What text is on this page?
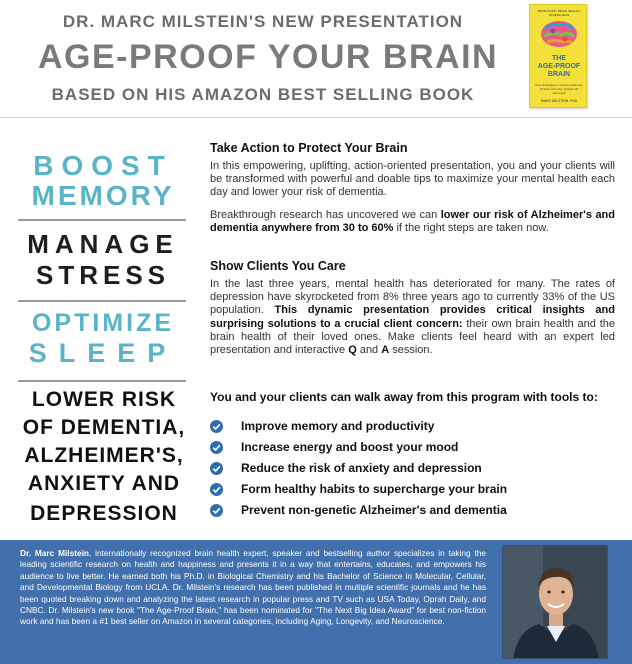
DR. MARC MILSTEIN'S NEW PRESENTATION
AGE-PROOF YOUR BRAIN
BASED ON HIS AMAZON BEST SELLING BOOK
BRAIN FOOD, BRAIN HEALTH, STRESS LESS
THE
AGE-PROOF
BRAIN
New Strategies to Improve Memory, Protect Immunity, & Fight Off Dementia
MARC MILSTEIN, PhD
BOOST
MEMORY
MANAGE
STRESS
OPTIMIZE
SLEEP
LOWER RISK
OF DEMENTIA,
ALZHEIMER'S,
ANXIETY AND
DEPRESSION
Take Action to Protect Your Brain
In this empowering, uplifting, action-oriented presentation, you and your clients will be transformed with powerful and doable tips to maximize your mental health each day and lower your risk of dementia.
Breakthrough research has uncovered we can lower our risk of Alzheimer's and dementia anywhere from 30 to 60% if the right steps are taken now.
Show Clients You Care
In the last three years, mental health has deteriorated for many. The rates of depression have skyrocketed from 8% three years ago to currently 33% of the US population. This dynamic presentation provides critical insights and surprising solutions to a crucial client concern: their own brain health and the brain health of their loved ones. Make clients feel heard with an expert led presentation and interactive Q and A session.
You and your clients can walk away from this program with tools to:
Improve memory and productivity
Increase energy and boost your mood
Reduce the risk of anxiety and depression
Form healthy habits to supercharge your brain
Prevent non-genetic Alzheimer's and dementia
Dr. Marc Milstein, internationally recognized brain health expert, speaker and bestselling author specializes in taking the leading scientific research on health and happiness and presents it in a way that entertains, educates, and empowers his audience to live better. He earned both his Ph.D. in Biological Chemistry and his Bachelor of Science in Molecular, Cellular, and Developmental Biology from UCLA. Dr. Milstein's research has been published in multiple scientific journals and he has been quoted breaking down and analyzing the latest research in popular press and TV such as USA Today, Oprah Daily, and CNBC. Dr. Milstein's new book "The Age-Proof Brain," has been nominated for "The Next Big Idea Award" for best non-fiction work and has been a #1 best seller on Amazon in several categories, including Aging, Longevity, and Neuroscience.
